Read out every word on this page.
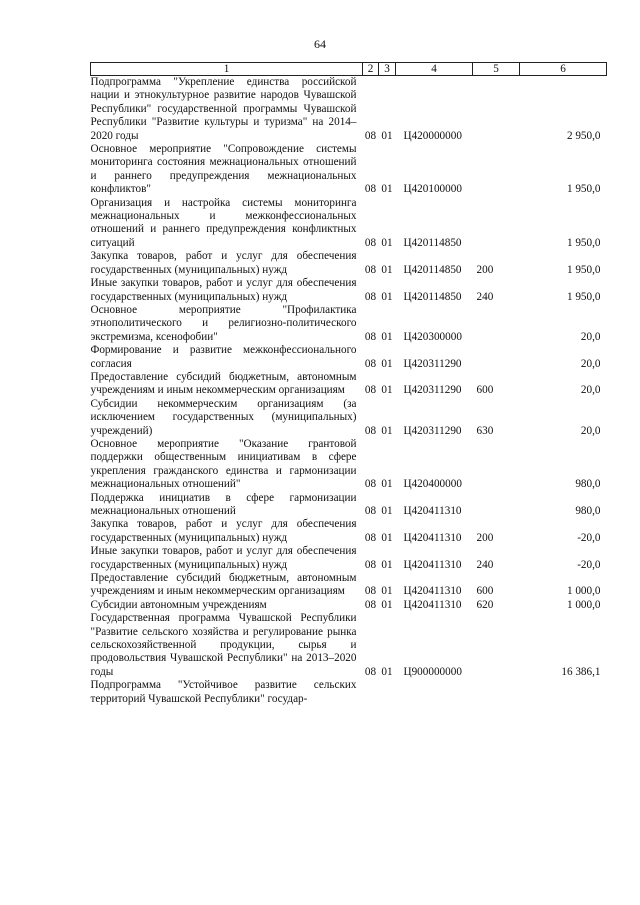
64
1	2	3	4	5	6
Подпрограмма "Укрепление единства российской нации и этнокультурное развитие народов Чувашской Республики" государственной программы Чувашской Республики "Развитие культуры и туризма" на 2014–2020 годы	08	01	Ц420000000		2 950,0
Основное мероприятие "Сопровождение системы мониторинга состояния межнациональных отношений и раннего предупреждения межнациональных конфликтов"	08	01	Ц420100000		1 950,0
Организация и настройка системы мониторинга межнациональных и межконфессиональных отношений и раннего предупреждения конфликтных ситуаций	08	01	Ц420114850		1 950,0
Закупка товаров, работ и услуг для обеспечения государственных (муниципальных) нужд	08	01	Ц420114850	200	1 950,0
Иные закупки товаров, работ и услуг для обеспечения государственных (муниципальных) нужд	08	01	Ц420114850	240	1 950,0
Основное мероприятие "Профилактика этнополитического и религиозно-политического экстремизма, ксенофобии"	08	01	Ц420300000		20,0
Формирование и развитие межконфессионального согласия	08	01	Ц420311290		20,0
Предоставление субсидий бюджетным, автономным учреждениям и иным некоммерческим организациям	08	01	Ц420311290	600	20,0
Субсидии некоммерческим организациям (за исключением государственных (муниципальных) учреждений)	08	01	Ц420311290	630	20,0
Основное мероприятие "Оказание грантовой поддержки общественным инициативам в сфере укрепления гражданского единства и гармонизации межнациональных отношений"	08	01	Ц420400000		980,0
Поддержка инициатив в сфере гармонизации межнациональных отношений	08	01	Ц420411310		980,0
Закупка товаров, работ и услуг для обеспечения государственных (муниципальных) нужд	08	01	Ц420411310	200	-20,0
Иные закупки товаров, работ и услуг для обеспечения государственных (муниципальных) нужд	08	01	Ц420411310	240	-20,0
Предоставление субсидий бюджетным, автономным учреждениям и иным некоммерческим организациям	08	01	Ц420411310	600	1 000,0
Субсидии автономным учреждениям	08	01	Ц420411310	620	1 000,0
Государственная программа Чувашской Республики "Развитие сельского хозяйства и регулирование рынка сельскохозяйственной продукции, сырья и продовольствия Чувашской Республики" на 2013–2020 годы	08	01	Ц900000000		16 386,1
Подпрограмма "Устойчивое развитие сельских территорий Чувашской Республики" государ-					
